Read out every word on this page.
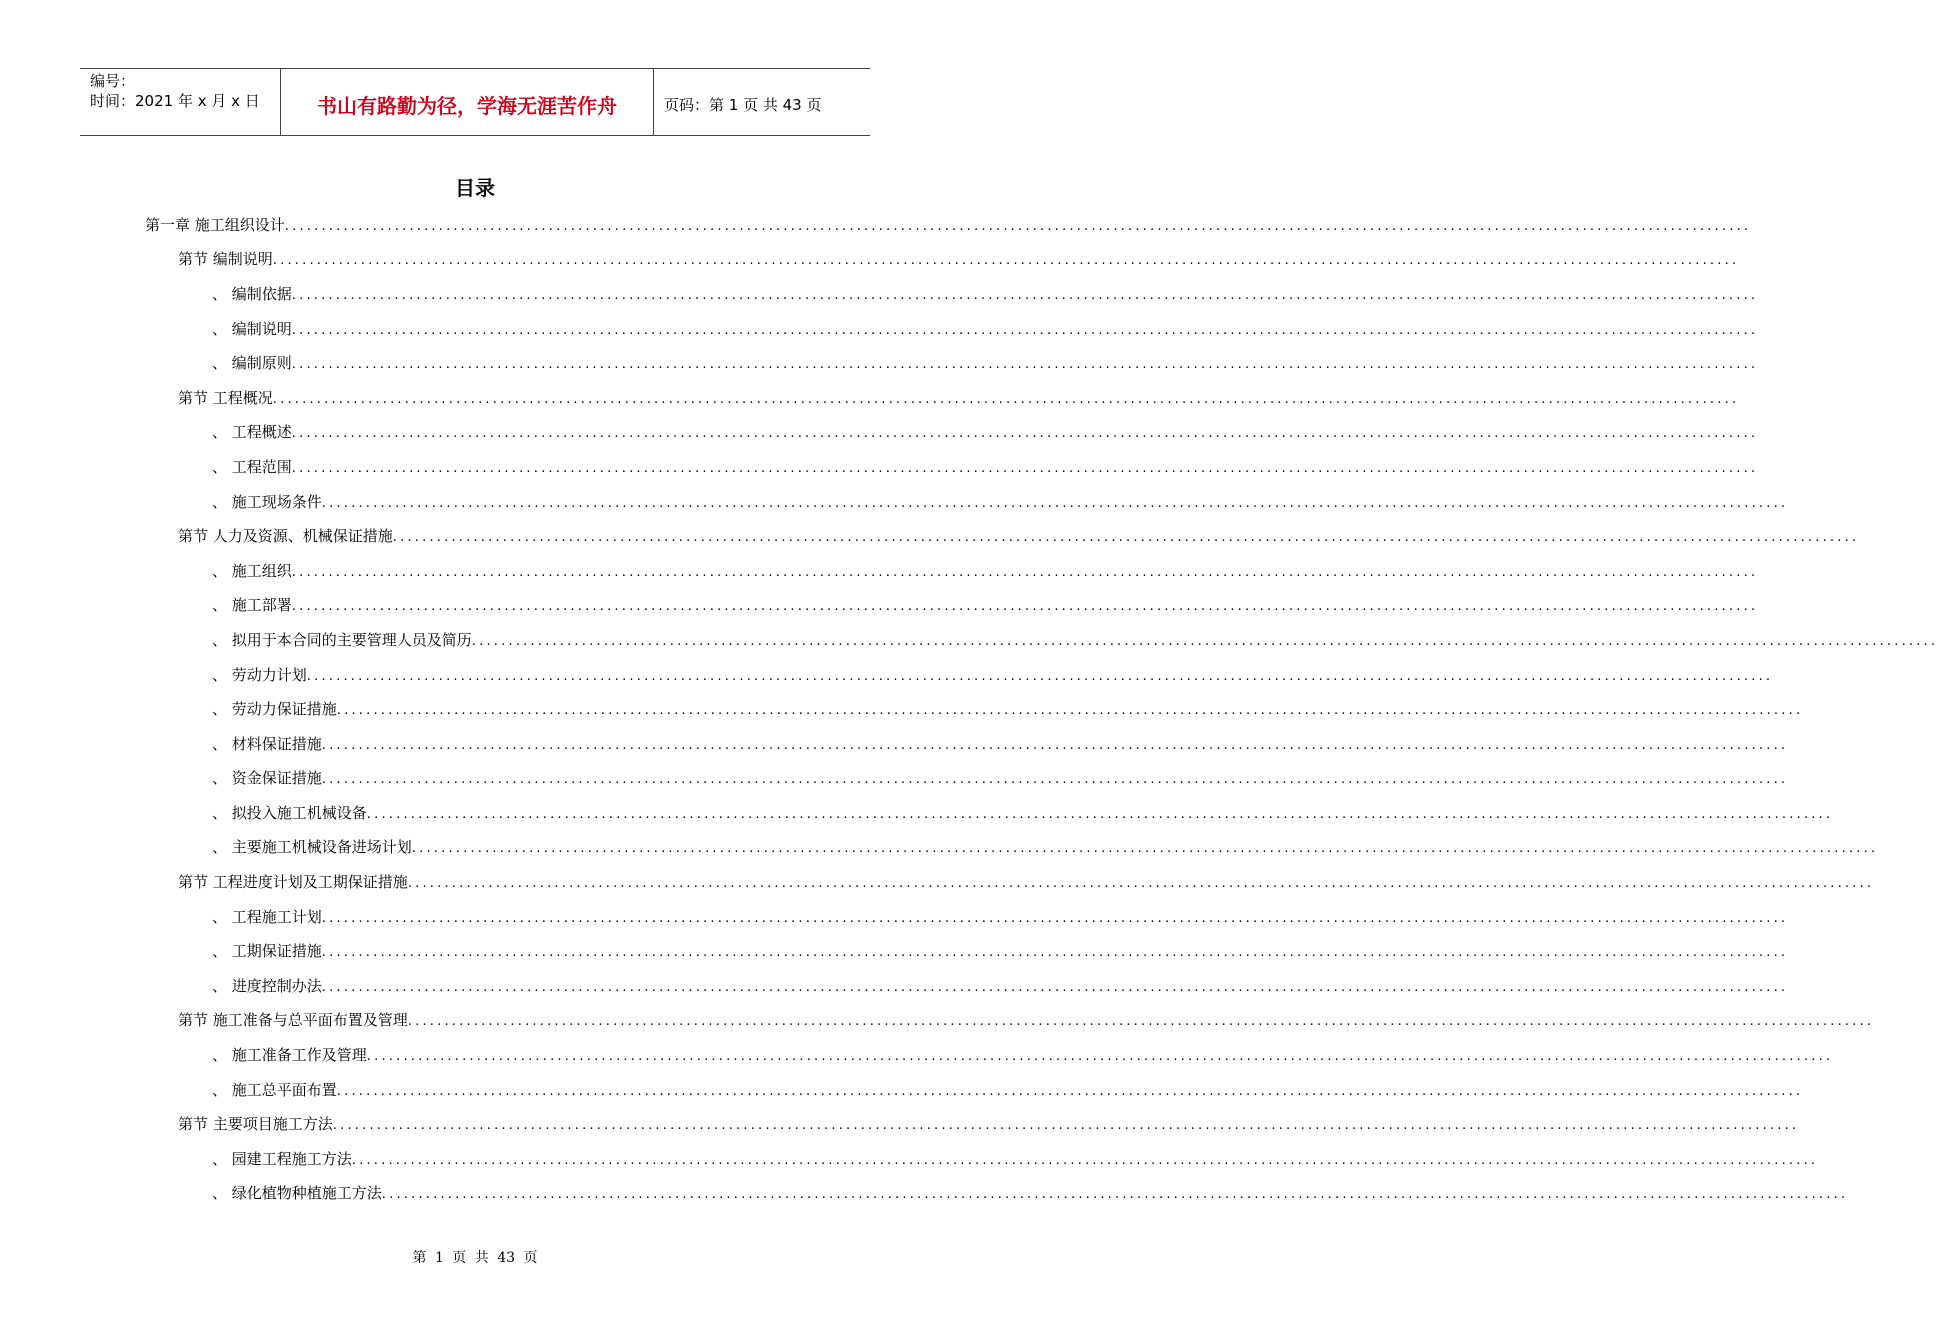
编号：
时间：2021 年 x 月 x 日	书山有路勤为径，学海无涯苦作舟	页码：第 1 页 共 43 页
目录
第一章 施工组织设计 ........................................................................................................................................................................................................
第节 编制说明 ........................................................................................................................................................................................................
、 编制依据 ........................................................................................................................................................................................................
、 编制说明 ........................................................................................................................................................................................................
、 编制原则 ........................................................................................................................................................................................................
第节 工程概况 ........................................................................................................................................................................................................
、 工程概述 ........................................................................................................................................................................................................
、 工程范围 ........................................................................................................................................................................................................
、 施工现场条件 ........................................................................................................................................................................................................
第节 人力及资源、机械保证措施 ........................................................................................................................................................................................................
、 施工组织 ........................................................................................................................................................................................................
、 施工部署 ........................................................................................................................................................................................................
、 拟用于本合同的主要管理人员及简历 ........................................................................................................................................................................................................
、 劳动力计划 ........................................................................................................................................................................................................
、 劳动力保证措施 ........................................................................................................................................................................................................
、 材料保证措施 ........................................................................................................................................................................................................
、 资金保证措施 ........................................................................................................................................................................................................
、 拟投入施工机械设备 ........................................................................................................................................................................................................
、 主要施工机械设备进场计划 ........................................................................................................................................................................................................
第节 工程进度计划及工期保证措施 ........................................................................................................................................................................................................
、 工程施工计划 ........................................................................................................................................................................................................
、 工期保证措施 ........................................................................................................................................................................................................
、 进度控制办法 ........................................................................................................................................................................................................
第节 施工准备与总平面布置及管理 ........................................................................................................................................................................................................
、 施工准备工作及管理 ........................................................................................................................................................................................................
、 施工总平面布置 ........................................................................................................................................................................................................
第节 主要项目施工方法 ........................................................................................................................................................................................................
、 园建工程施工方法 ........................................................................................................................................................................................................
、 绿化植物种植施工方法 ........................................................................................................................................................................................................
第 1 页 共 43 页
